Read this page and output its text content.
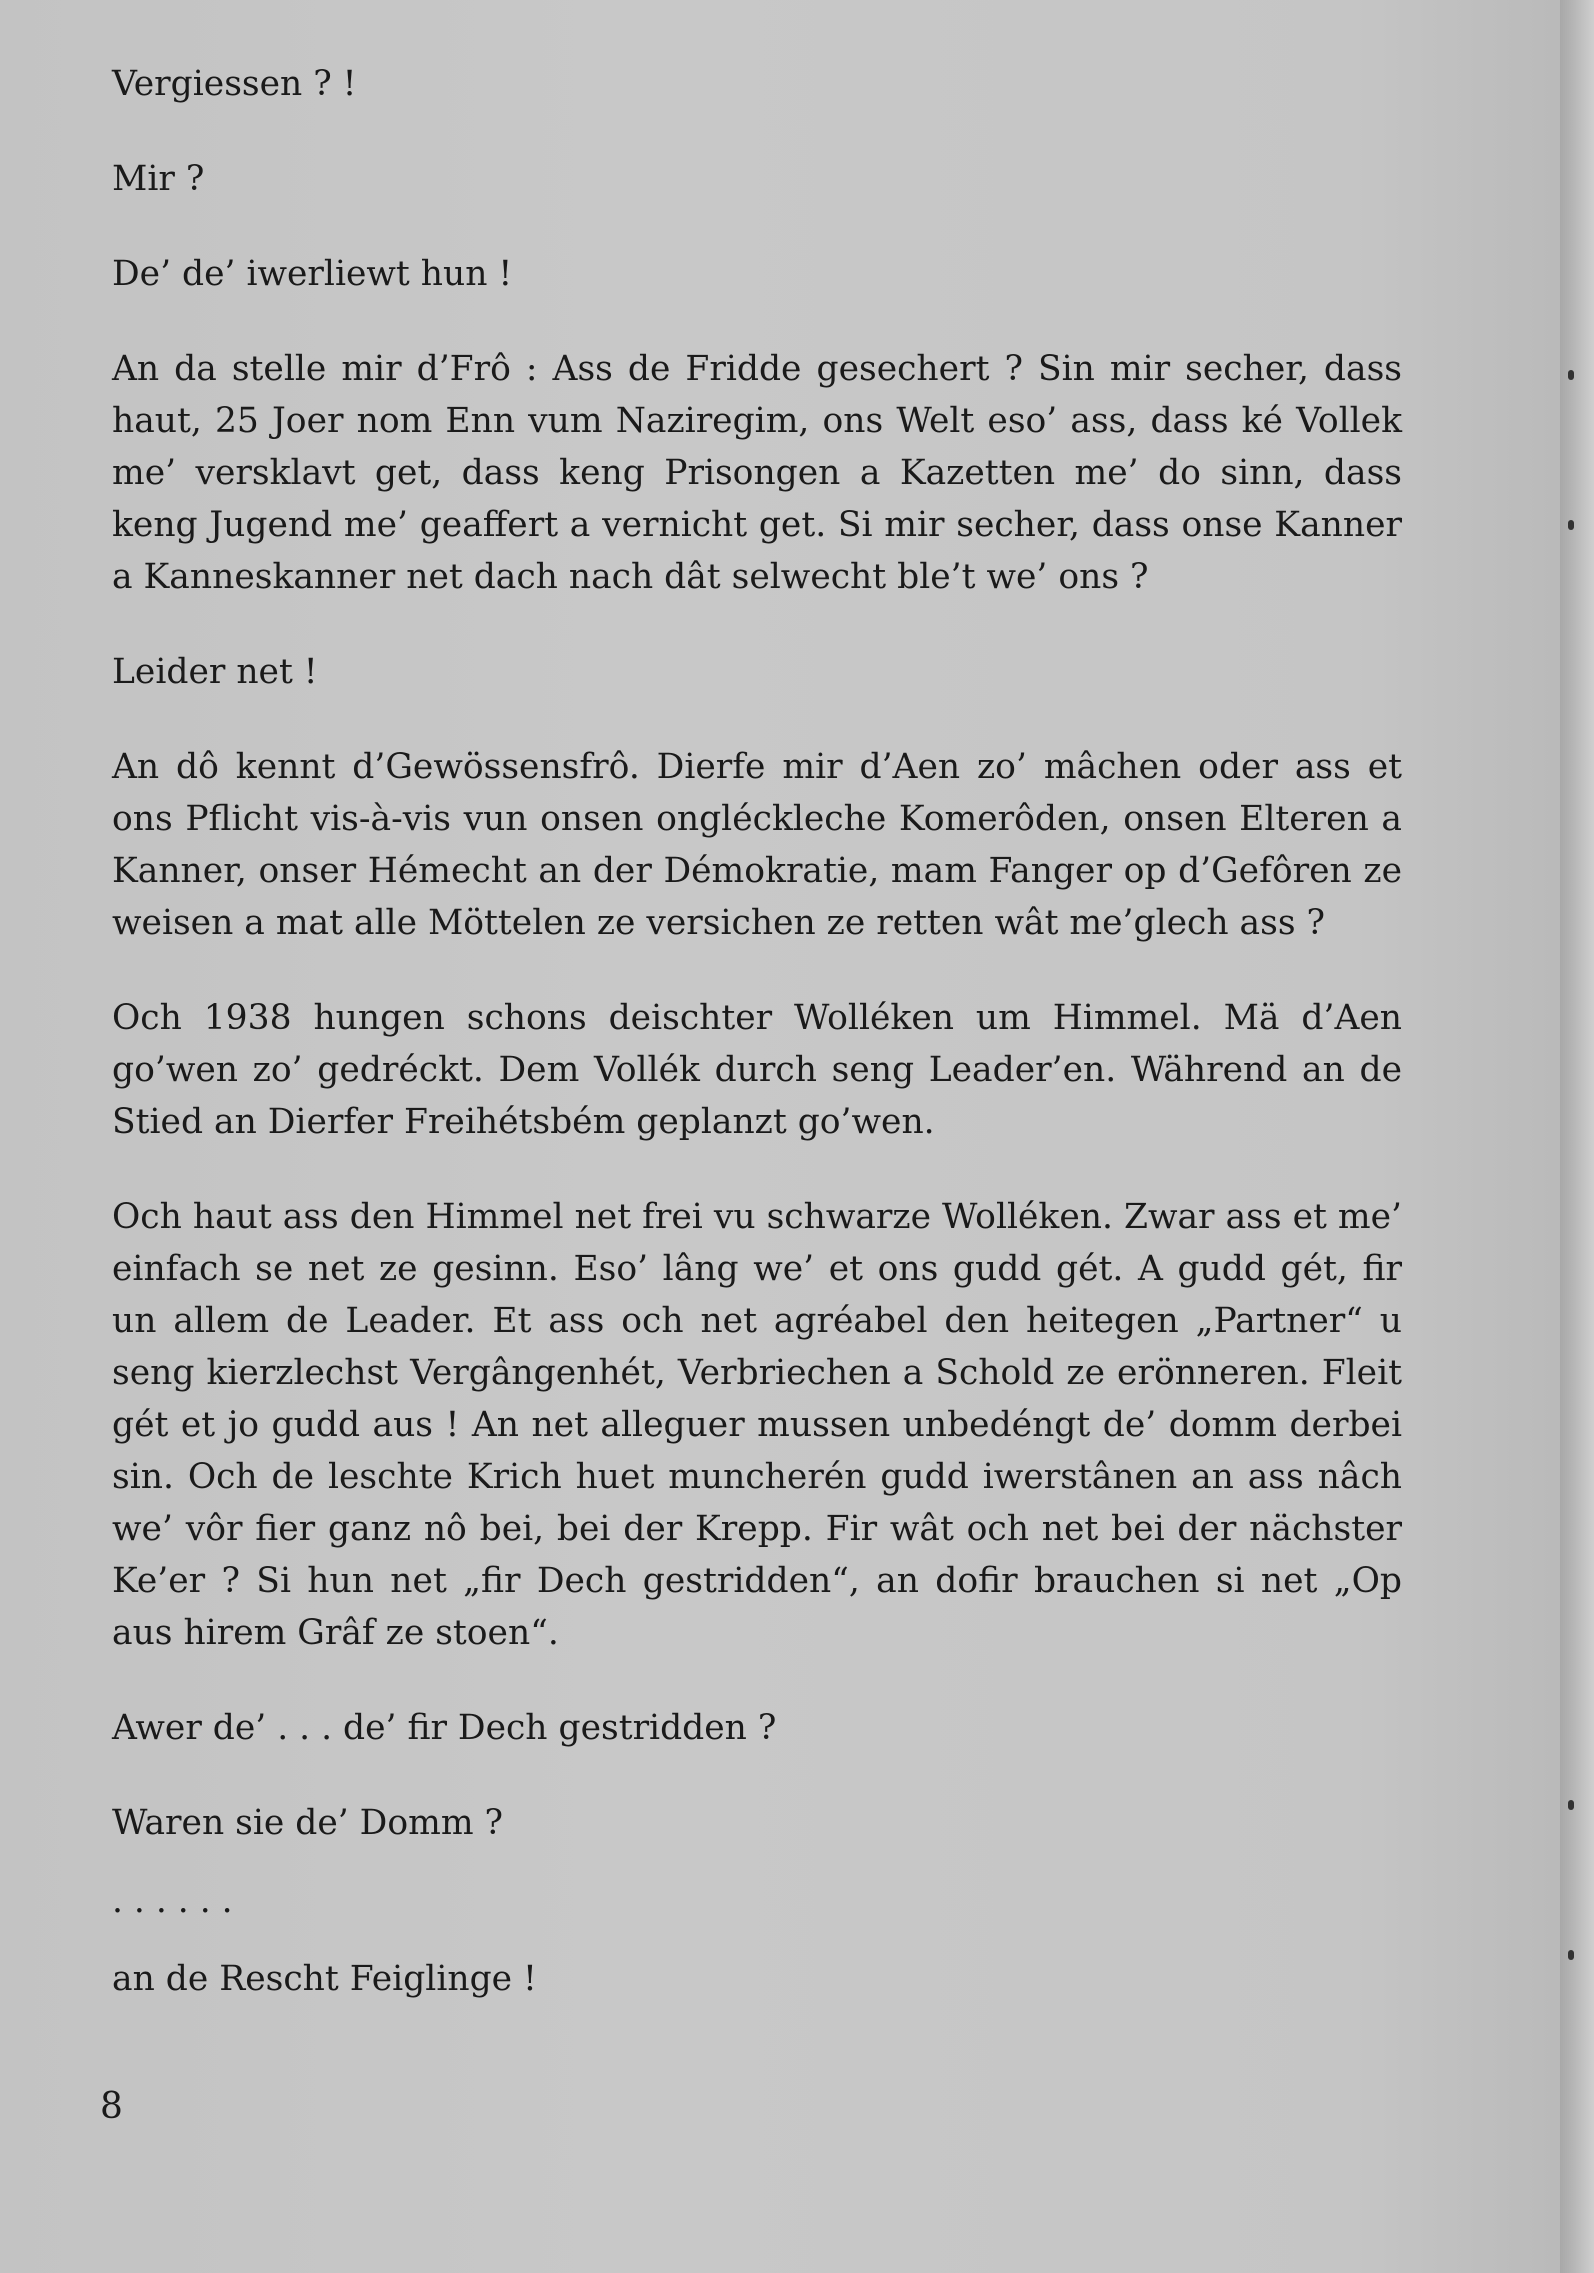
Vergiessen ? !

Mir ?

De’ de’ iwerliewt hun !

An da stelle mir d’Frô : Ass de Fridde gesechert ? Sin mir secher, dass haut, 25 Joer nom Enn vum Naziregim, ons Welt eso’ ass, dass ké Vollek me’ versklavt get, dass keng Prisongen a Kazetten me’ do sinn, dass keng Jugend me’ geaffert a vernicht get. Si mir secher, dass onse Kanner a Kanneskanner net dach nach dât selwecht ble’t we’ ons ?

Leider net !

An dô kennt d’Gewössensfrô. Dierfe mir d’Aen zo’ mâchen oder ass et ons Pflicht vis-à-vis vun onsen ongléckleche Komerôden, onsen Elteren a Kanner, onser Hémecht an der Démokratie, mam Fanger op d’Gefôren ze weisen a mat alle Möttelen ze versichen ze retten wât me’glech ass ?

Och 1938 hungen schons deischter Wolléken um Himmel. Mä d’Aen go’wen zo’ gedréckt. Dem Vollék durch seng Leader’en. Während an de Stied an Dierfer Freihétsbém geplanzt go’wen.

Och haut ass den Himmel net frei vu schwarze Wolléken. Zwar ass et me’ einfach se net ze gesinn. Eso’ lâng we’ et ons gudd gét. A gudd gét, fir un allem de Leader. Et ass och net agréabel den heitegen „Partner“ u seng kierzlechst Vergângenhét, Verbriechen a Schold ze erönneren. Fleit gét et jo gudd aus ! An net alleguer mussen unbedéngt de’ domm derbei sin. Och de leschte Krich huet muncherén gudd iwerstânen an ass nâch we’ vôr fier ganz nô bei, bei der Krepp. Fir wât och net bei der nächster Ke’er ? Si hun net „fir Dech gestridden“, an dofir brauchen si net „Op aus hirem Grâf ze stoen“.

Awer de’ . . . de’ fir Dech gestridden ?

Waren sie de’ Domm ?

. . . . . .

an de Rescht Feiglinge !

8
